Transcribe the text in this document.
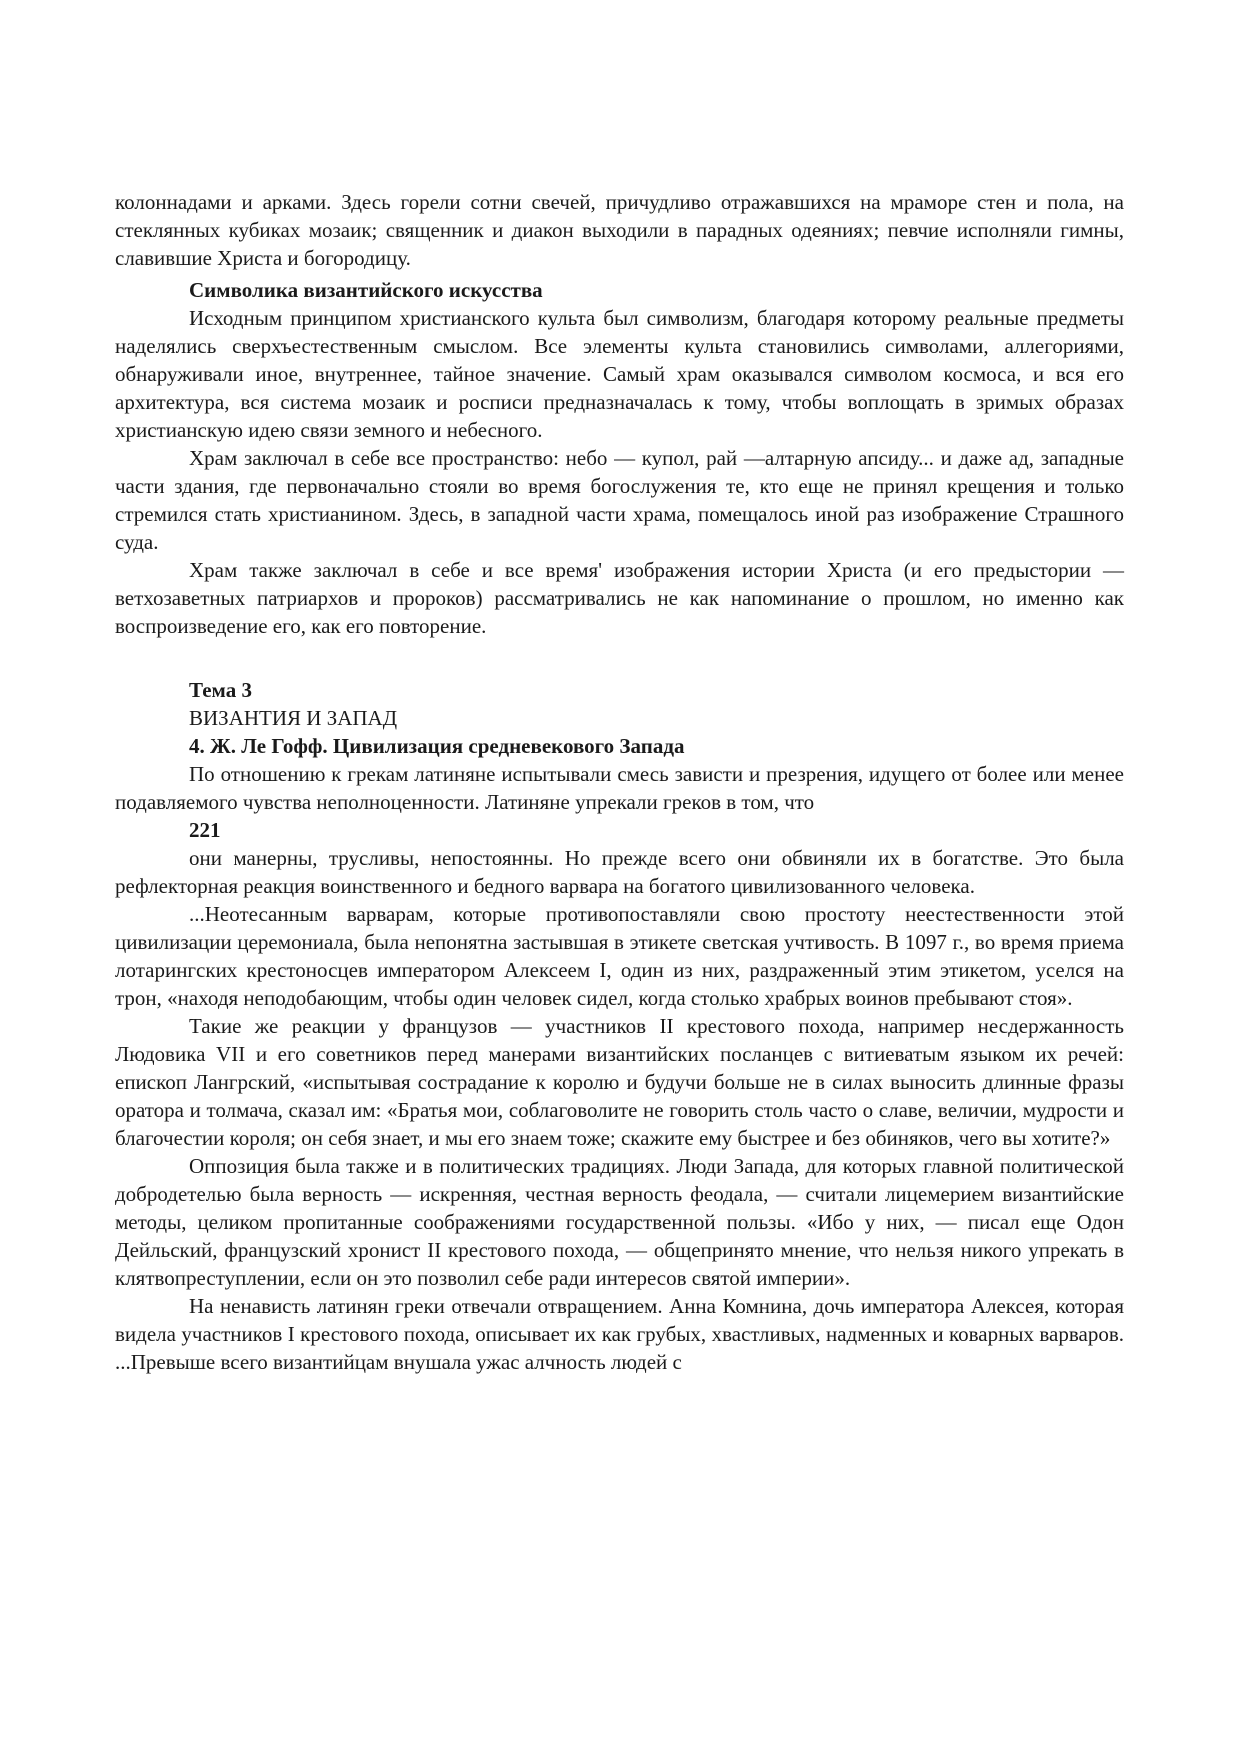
колоннадами и арками. Здесь горели сотни свечей, причудливо отражавшихся на мраморе стен и пола, на стеклянных кубиках мозаик; священник и диакон выходили в парадных одеяниях; певчие исполняли гимны, славившие Христа и богородицу.

Символика византийского искусства

Исходным принципом христианского культа был символизм, благодаря которому реальные предметы наделялись сверхъестественным смыслом. Все элементы культа становились символами, аллегориями, обнаруживали иное, внутреннее, тайное значение. Самый храм оказывался символом космоса, и вся его архитектура, вся система мозаик и росписи предназначалась к тому, чтобы воплощать в зримых образах христианскую идею связи земного и небесного.

Храм заключал в себе все пространство: небо — купол, рай —алтарную апсиду... и даже ад, западные части здания, где первоначально стояли во время богослужения те, кто еще не принял крещения и только стремился стать христианином. Здесь, в западной части храма, помещалось иной раз изображение Страшного суда.

Храм также заключал в себе и все время' изображения истории Христа (и его предыстории — ветхозаветных патриархов и пророков) рассматривались не как напоминание о прошлом, но именно как воспроизведение его, как его повторение.

Тема 3

ВИЗАНТИЯ И ЗАПАД

4. Ж. Ле Гофф. Цивилизация средневекового Запада

По отношению к грекам латиняне испытывали смесь зависти и презрения, идущего от более или менее подавляемого чувства неполноценности. Латиняне упрекали греков в том, что

221

они манерны, трусливы, непостоянны. Но прежде всего они обвиняли их в богатстве. Это была рефлекторная реакция воинственного и бедного варвара на богатого цивилизованного человека.

...Неотесанным варварам, которые противопоставляли свою простоту неестественности этой цивилизации церемониала, была непонятна застывшая в этикете светская учтивость. В 1097 г., во время приема лотарингских крестоносцев императором Алексеем I, один из них, раздраженный этим этикетом, уселся на трон, «находя неподобающим, чтобы один человек сидел, когда столько храбрых воинов пребывают стоя».

Такие же реакции у французов — участников II крестового похода, например несдержанность Людовика VII и его советников перед манерами византийских посланцев с витиеватым языком их речей: епископ Лангрский, «испытывая сострадание к королю и будучи больше не в силах выносить длинные фразы оратора и толмача, сказал им: «Братья мои, соблаговолите не говорить столь часто о славе, величии, мудрости и благочестии короля; он себя знает, и мы его знаем тоже; скажите ему быстрее и без обиняков, чего вы хотите?»

Оппозиция была также и в политических традициях. Люди Запада, для которых главной политической добродетелью была верность — искренняя, честная верность феодала, — считали лицемерием византийские методы, целиком пропитанные соображениями государственной пользы. «Ибо у них, — писал еще Одон Дейльский, французский хронист II крестового похода, — общепринято мнение, что нельзя никого упрекать в клятвопреступлении, если он это позволил себе ради интересов святой империи».

На ненависть латинян греки отвечали отвращением. Анна Комнина, дочь императора Алексея, которая видела участников I крестового похода, описывает их как грубых, хвастливых, надменных и коварных варваров. ...Превыше всего византийцам внушала ужас алчность людей с
